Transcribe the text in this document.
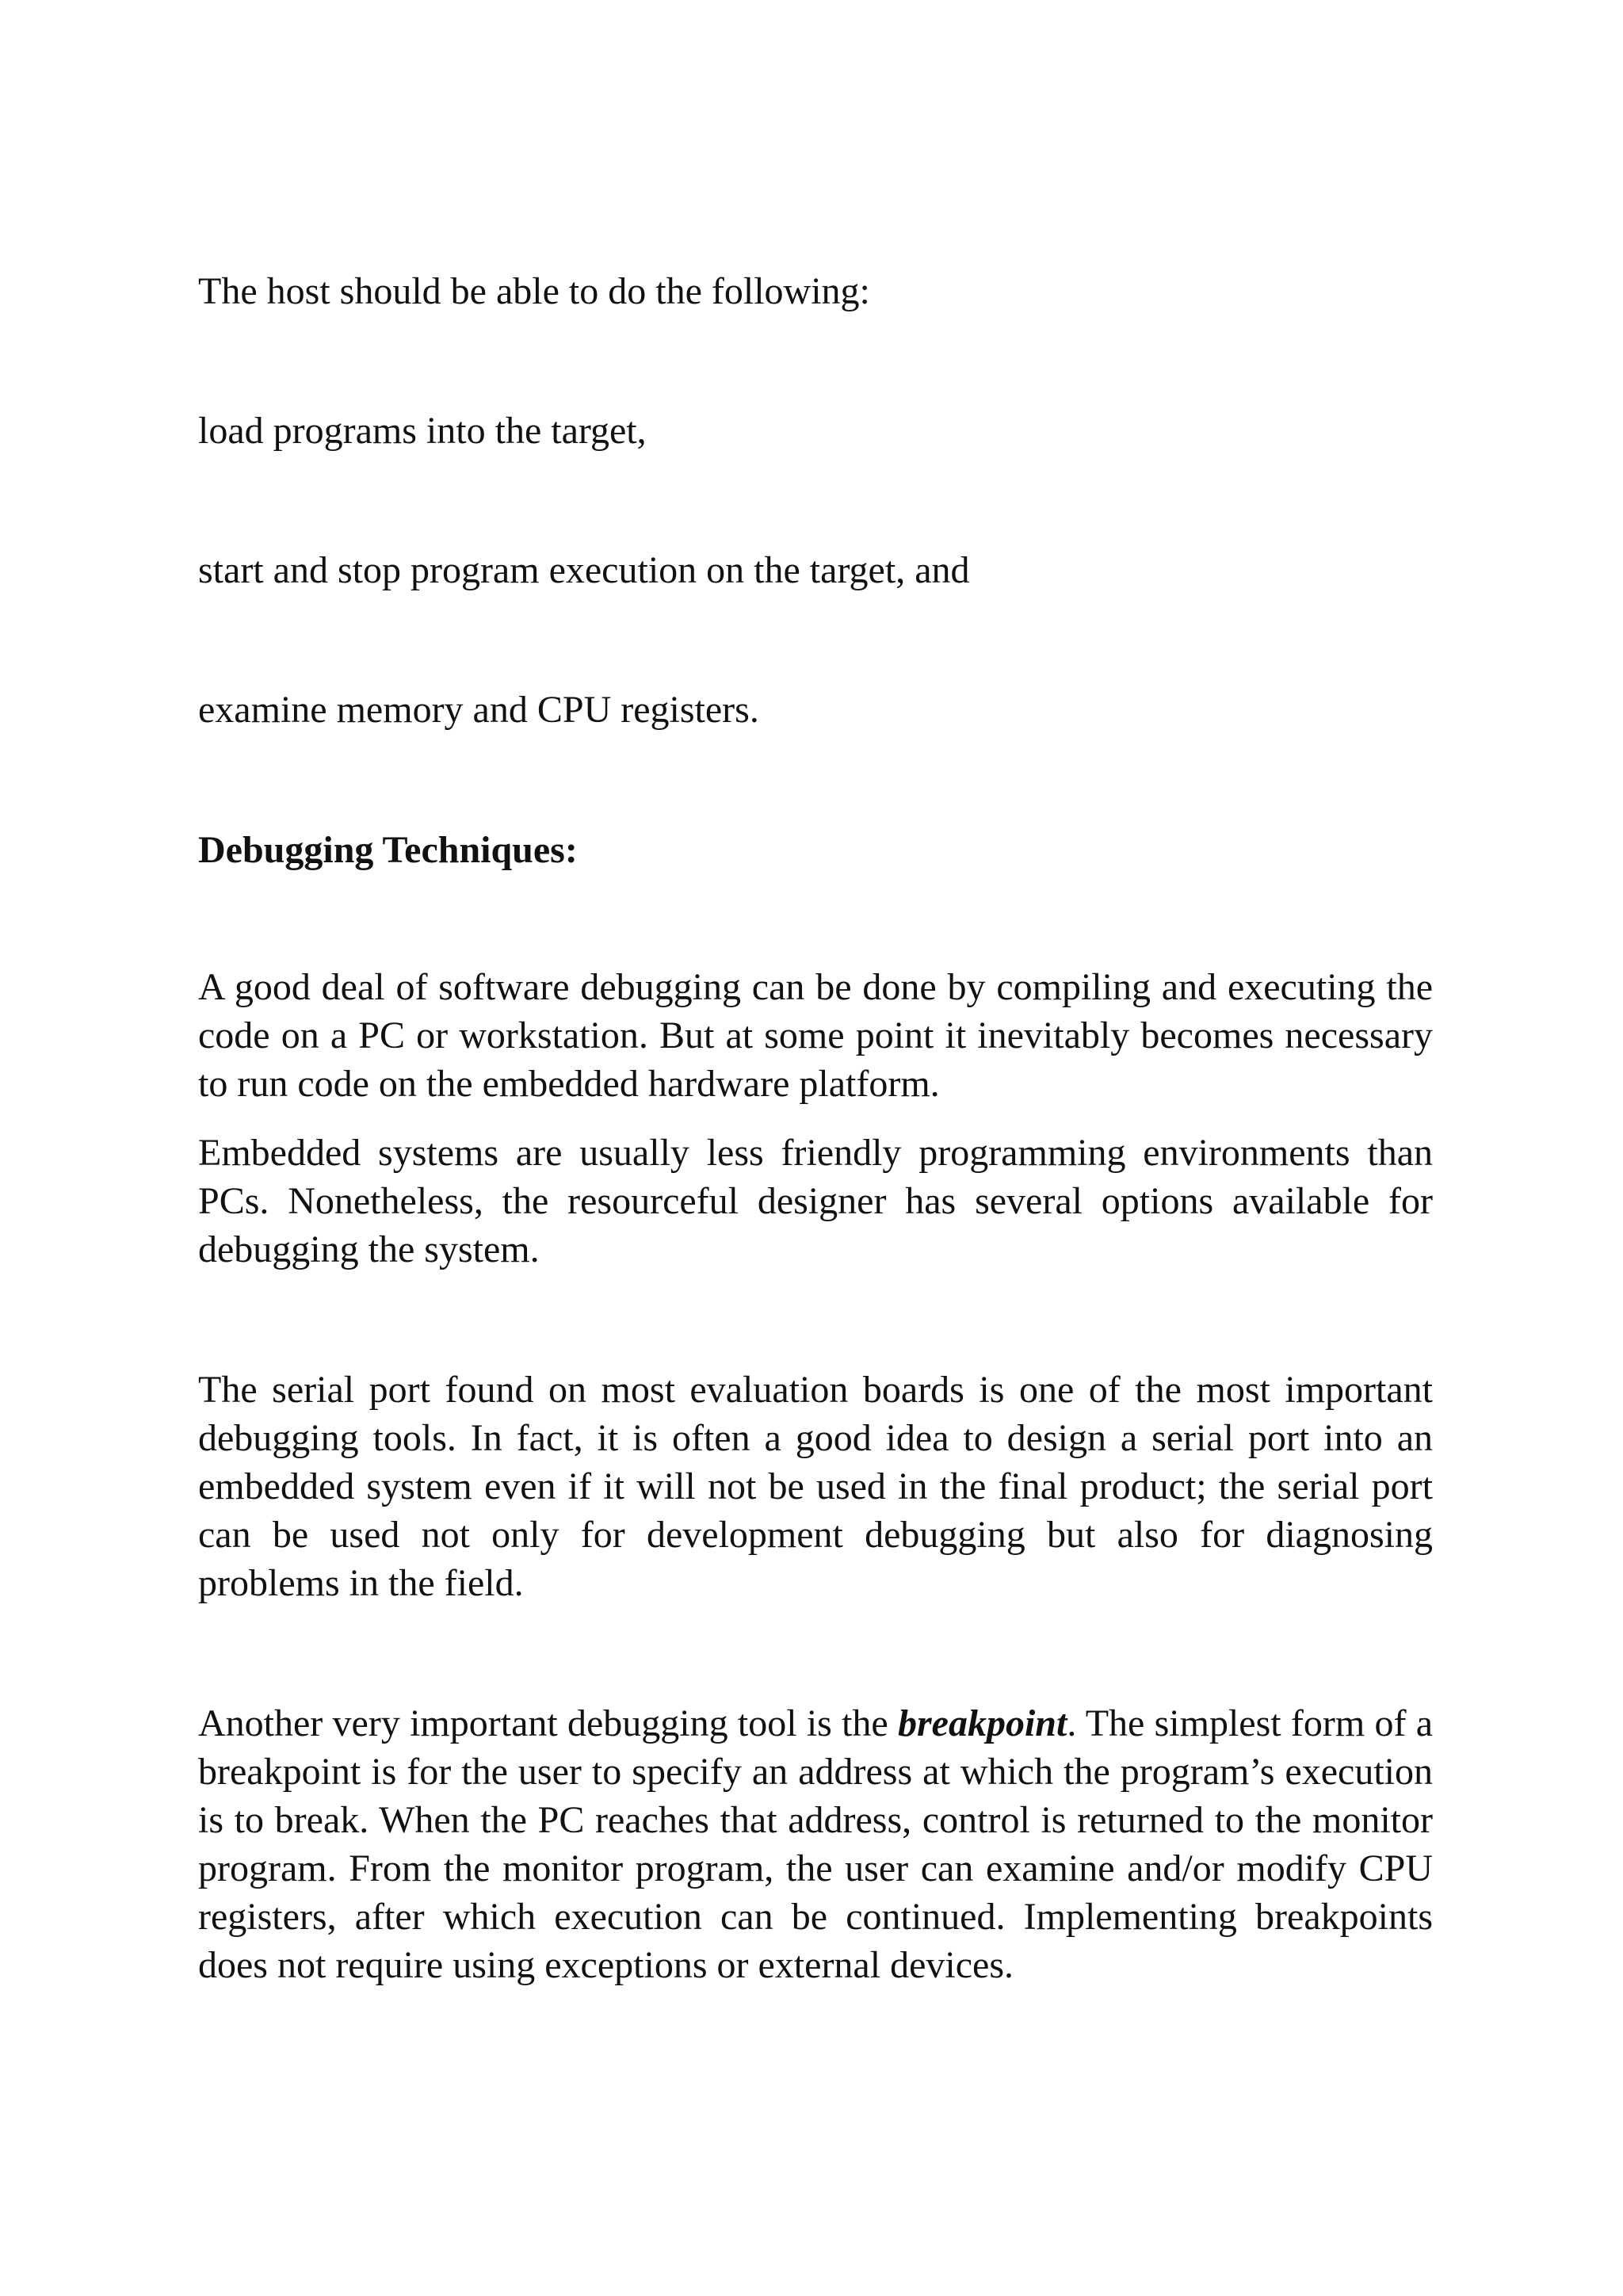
The host should be able to do the following:

load programs into the target,

start and stop program execution on the target, and

examine memory and CPU registers.

Debugging Techniques:

A good deal of software debugging can be done by compiling and executing the code on a PC or workstation. But at some point it inevitably becomes necessary to run code on the embedded hardware platform.

Embedded systems are usually less friendly programming environments than PCs. Nonetheless, the resourceful designer has several options available for debugging the system.

The serial port found on most evaluation boards is one of the most important debugging tools. In fact, it is often a good idea to design a serial port into an embedded system even if it will not be used in the final product; the serial port can be used not only for development debugging but also for diagnosing problems in the field.

Another very important debugging tool is the breakpoint. The simplest form of a breakpoint is for the user to specify an address at which the program’s execution is to break. When the PC reaches that address, control is returned to the monitor program. From the monitor program, the user can examine and/or modify CPU registers, after which execution can be continued. Implementing breakpoints does not require using exceptions or external devices.
